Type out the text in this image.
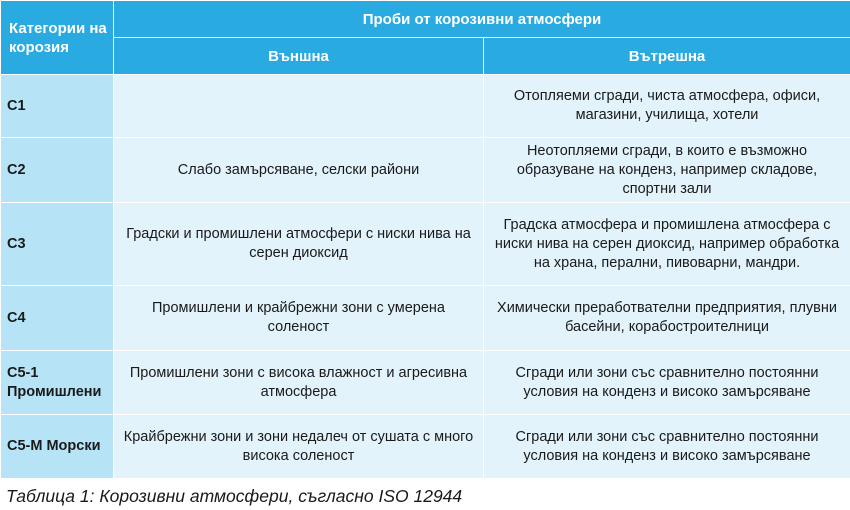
Категории на корозия	Проби от корозивни атмосфери	
	Външна	Вътрешна
C1		Отопляеми сгради, чиста атмосфера, офиси, магазини, училища, хотели
C2	Слабо замърсяване, селски райони	Неотопляеми сгради, в които е възможно образуване на конденз, например складове, спортни зали
C3	Градски и промишлени атмосфери с ниски нива на серен диоксид	Градска атмосфера и промишлена атмосфера с ниски нива на серен диоксид, например обработка на храна, перални, пивоварни, мандри.
C4	Промишлени и крайбрежни зони с умерена соленост	Химически преработвателни предприятия, плувни басейни, корабостроителници
C5-1 Промишлени	Промишлени зони с висока влажност и агресивна атмосфера	Сгради или зони със сравнително постоянни условия на конденз и високо замърсяване
C5-M Морски	Крайбрежни зони и зони недалеч от сушата с много висока соленост	Сгради или зони със сравнително постоянни условия на конденз и високо замърсяване

Таблица 1: Корозивни атмосфери, съгласно ISO 12944
